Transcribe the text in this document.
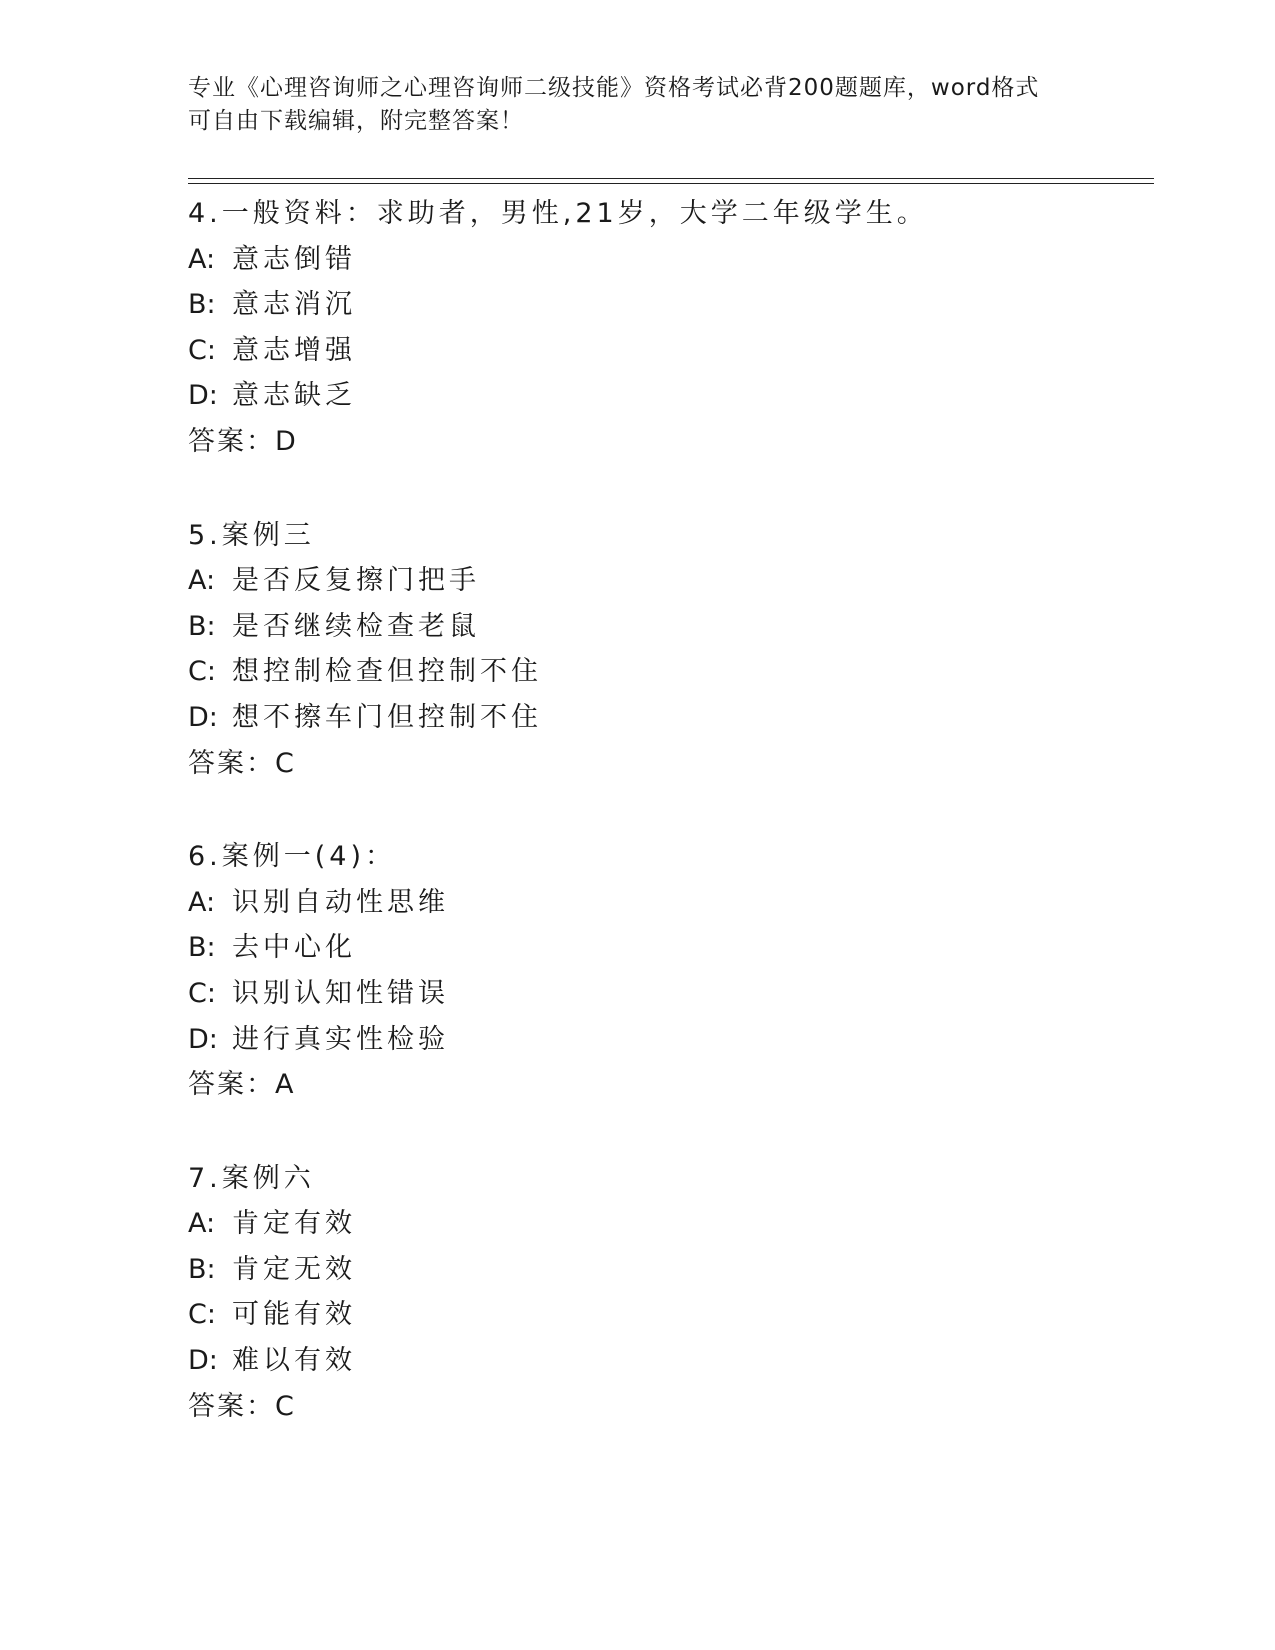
专业《心理咨询师之心理咨询师二级技能》资格考试必背200题题库，word格式
可自由下载编辑，附完整答案！
4.一般资料：求助者，男性,21岁，大学二年级学生。
A: 意志倒错
B: 意志消沉
C: 意志增强
D: 意志缺乏
答案：D
5.案例三
A: 是否反复擦门把手
B: 是否继续检查老鼠
C: 想控制检查但控制不住
D: 想不擦车门但控制不住
答案：C
6.案例一(4)：
A: 识别自动性思维
B: 去中心化
C: 识别认知性错误
D: 进行真实性检验
答案：A
7.案例六
A: 肯定有效
B: 肯定无效
C: 可能有效
D: 难以有效
答案：C
